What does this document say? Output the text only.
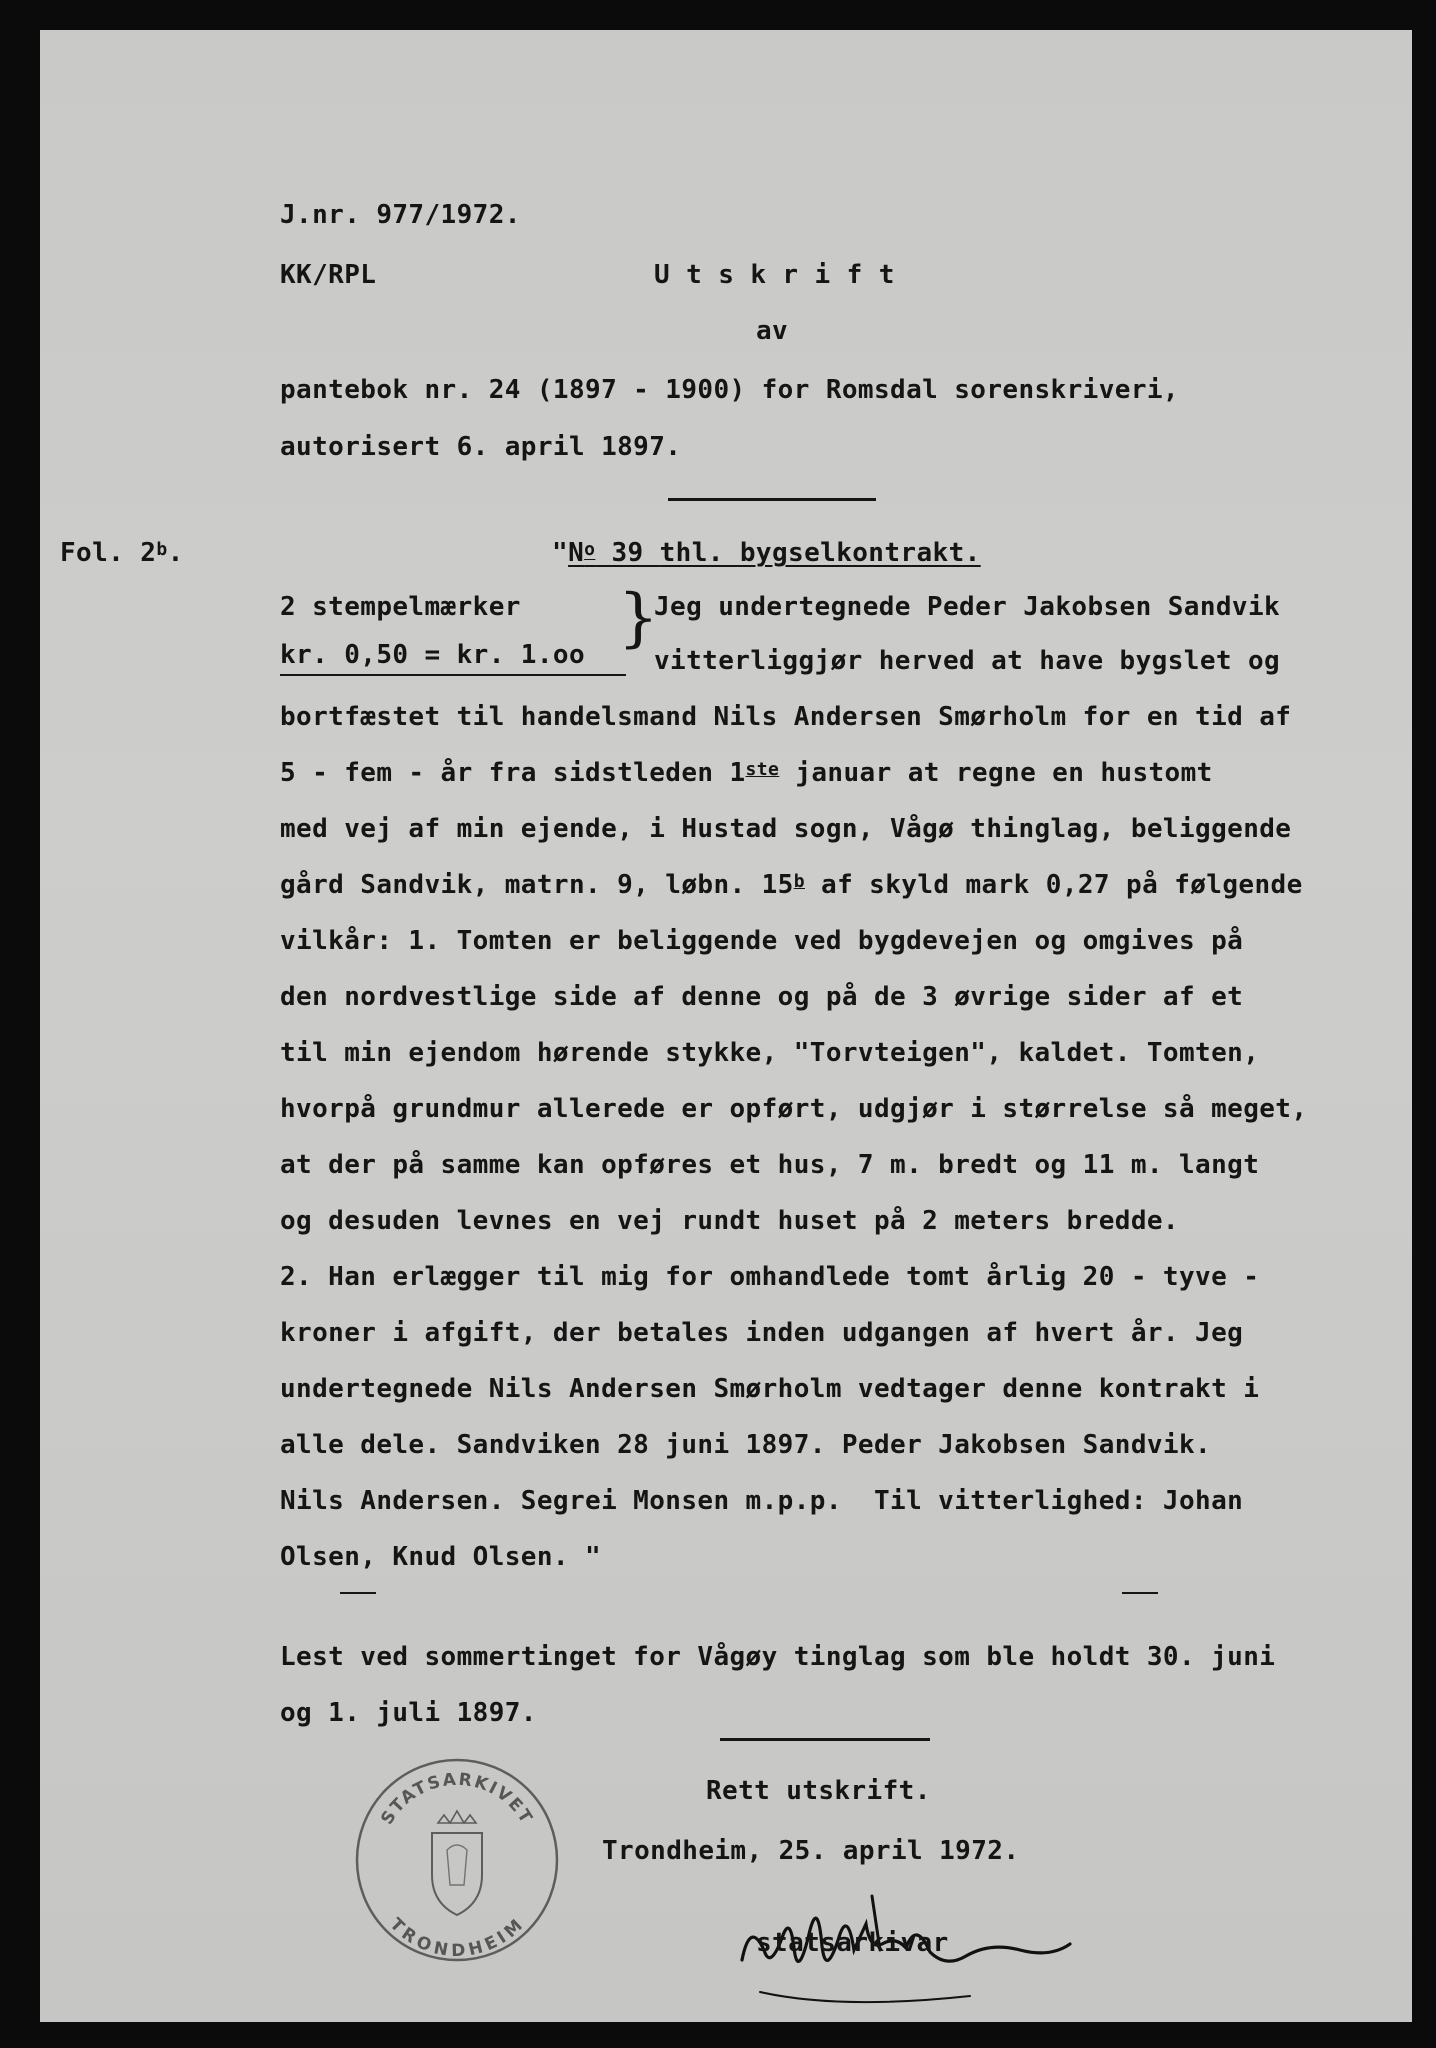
J.nr. 977/1972.
KK/RPL	U t s k r i f t
av
pantebok nr. 24 (1897 - 1900) for Romsdal sorenskriveri,
autorisert 6. april 1897.
Fol. 2$^b$.	"$N^o$ 39 thl. bygselkontrakt.
2 stempelmærker
kr. 0,50 = kr. 1.oo }
Jeg undertegnede Peder Jakobsen Sandvik
vitterliggjør herved at have bygslet og
bortfæstet til handelsmand Nils Andersen Smørholm for en tid af
5 - fem - år fra sidstleden 1ste januar at regne en hustomt
med vej af min ejende, i Hustad sogn, Vågø thinglag, beliggende
gård Sandvik, matrn. 9, løbn. 15$^b$ af skyld mark 0,27 på følgende
vilkår: 1. Tomten er beliggende ved bygdevejen og omgives på
den nordvestlige side af denne og på de 3 øvrige sider af et
til min ejendom hørende stykke, "Torvteigen", kaldet. Tomten,
hvorpå grundmur allerede er opført, udgjør i størrelse så meget,
at der på samme kan opføres et hus, 7 m. bredt og 11 m. langt
og desuden levnes en vej rundt huset på 2 meters bredde.
2. Han erlægger til mig for omhandlede tomt årlig 20 - tyve -
kroner i afgift, der betales inden udgangen af hvert år. Jeg
undertegnede Nils Andersen Smørholm vedtager denne kontrakt i
alle dele. Sandviken 28 juni 1897. Peder Jakobsen Sandvik.
Nils Andersen. Segrei Monsen m.p.p.  Til vitterlighed: Johan
Olsen, Knud Olsen. "
Lest ved sommertinget for Vågøy tinglag som ble holdt 30. juni
og 1. juli 1897.
Rett utskrift.
Trondheim, 25. april 1972.
STATSARKIVET
TRONDHEIM	statsarkivar
